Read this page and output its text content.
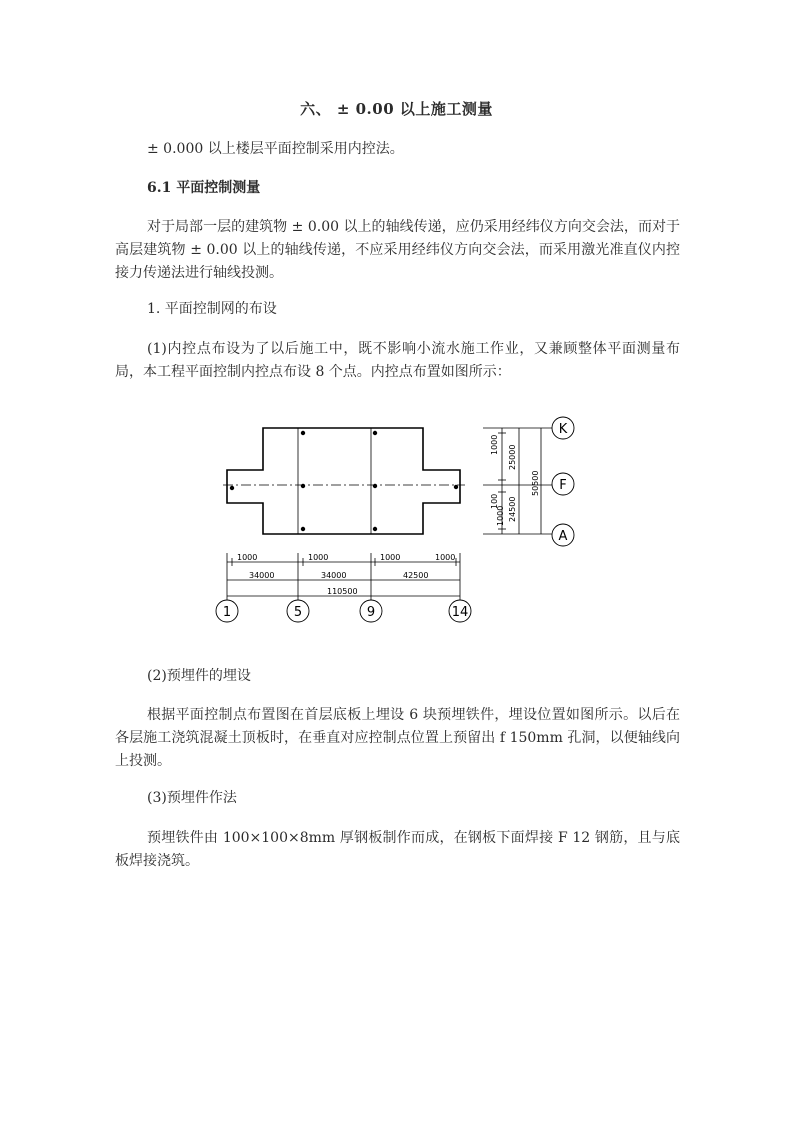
六、 ± 0.00 以上施工测量
± 0.000 以上楼层平面控制采用内控法。
6.1 平面控制测量
对于局部一层的建筑物 ± 0.00 以上的轴线传递，应仍采用经纬仪方向交会法，而对于高层建筑物 ± 0.00 以上的轴线传递，不应采用经纬仪方向交会法，而采用激光准直仪内控接力传递法进行轴线投测。
1. 平面控制网的布设
(1)内控点布设为了以后施工中，既不影响小流水施工作业，又兼顾整体平面测量布局，本工程平面控制内控点布设 8 个点。内控点布置如图所示：
1000	1000	1000	1000
34000	34000	42500
110500
1	5	9	14
1000
100
1000
25000
24500
50500
K
F
A
(2)预埋件的埋设
根据平面控制点布置图在首层底板上埋设 6 块预埋铁件，埋设位置如图所示。以后在各层施工浇筑混凝土顶板时，在垂直对应控制点位置上预留出 f 150mm 孔洞，以便轴线向上投测。
(3)预埋件作法
预埋铁件由 100×100×8mm 厚钢板制作而成，在钢板下面焊接 F 12 钢筋，且与底板焊接浇筑。
